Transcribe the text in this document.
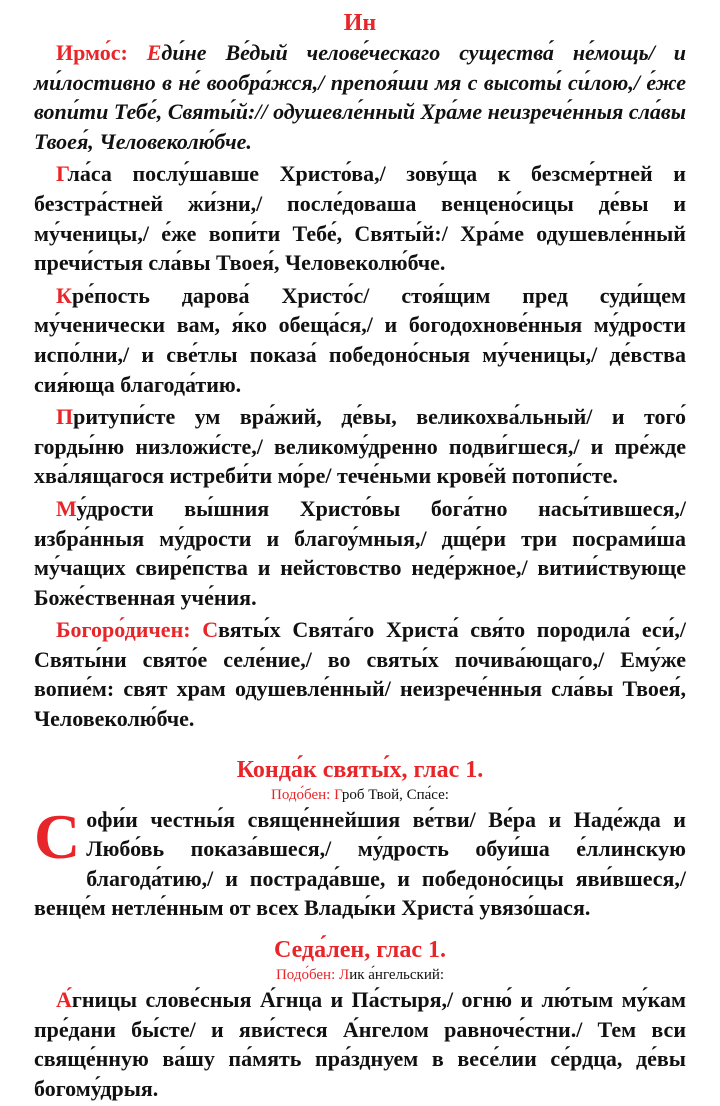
Ин

Ирмо́с: Еди́не Ве́дый челове́ческаго существа́ не́мощь/ и ми́лостивно в не́ вообра́жся,/ препоя́ши мя с высоты́ си́лою,/ е́же вопи́ти Тебе́, Святы́й:// одушевле́нный Хра́ме неизрече́нныя сла́вы Твоея́, Человеколю́бче.

Гла́са послу́шавше Христо́ва,/ зову́ща к безсме́ртней и безстра́стней жи́зни,/ после́доваша венцено́сицы де́вы и му́ченицы,/ е́же вопи́ти Тебе́, Святы́й:/ Хра́ме одушевле́нный пречи́стыя сла́вы Твоея́, Человеколю́бче.

Кре́пость дарова́ Христо́с/ стоя́щим пред суди́щем му́ченически вам, я́ко обеща́ся,/ и богодохнове́нныя му́дрости испо́лни,/ и све́тлы показа́ победоно́сныя му́ченицы,/ де́вства сия́юща благода́тию.

Притупи́сте ум вра́жий, де́вы, великохва́льный/ и того́ горды́ню низложи́сте,/ великому́дренно подви́гшеся,/ и пре́жде хва́лящагося истреби́ти мо́ре/ тече́ньми крове́й потопи́сте.

Му́дрости вы́шния Христо́вы бога́тно насы́тившеся,/ избра́нныя му́дрости и благоу́мныя,/ дще́ри три посрами́ша му́чащих свире́пства и нейстовство неде́ржное,/ витии́ствующе Боже́ственная уче́ния.

Богоро́дичен: Святы́х Свята́го Христа́ свя́то породила́ еси́,/ Святы́ни свято́е селе́ние,/ во святы́х почива́ющаго,/ Ему́же вопие́м: свят храм одушевле́нный/ неизрече́нныя сла́вы Твоея́, Человеколю́бче.

Конда́к святы́х, глас 1.

Подо́бен: Гроб Твой, Спа́се:

Софи́и честны́я свяще́ннейшия ве́тви/ Ве́ра и Наде́жда и Любо́вь показа́вшеся,/ му́дрость обуи́ша е́ллинскую благода́тию,/ и пострада́вше, и победоно́сицы яви́вшеся,/ венце́м нетле́нным от всех Влады́ки Христа́ увязо́шася.

Седа́лен, глас 1.

Подо́бен: Лик а́нгельский:

А́гницы слове́сныя А́гнца и Па́стыря,/ огню́ и лю́тым му́кам пре́дани бы́сте/ и яви́стеся А́нгелом равноче́стни./ Тем вси свяще́нную ва́шу па́мять пра́зднуем в весе́лии се́рдца, де́вы богому́дрыя.
